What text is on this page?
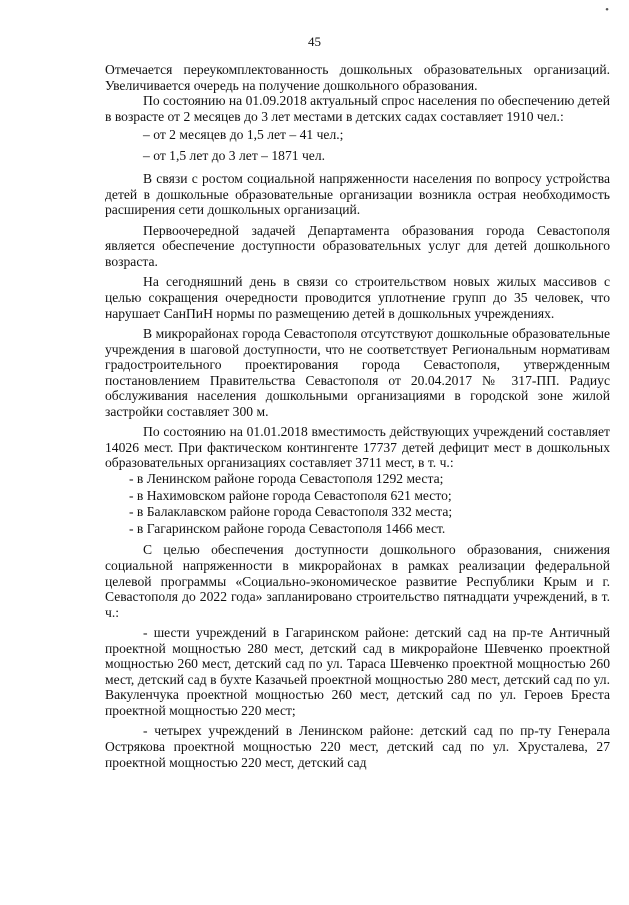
•
45

Отмечается переукомплектованность дошкольных образовательных организаций. Увеличивается очередь на получение дошкольного образования.

По состоянию на 01.09.2018 актуальный спрос населения по обеспечению детей в возрасте от 2 месяцев до 3 лет местами в детских садах составляет 1910 чел.:

– от 2 месяцев до 1,5 лет – 41 чел.;

– от 1,5 лет до 3 лет – 1871 чел.

В связи с ростом социальной напряженности населения по вопросу устройства детей в дошкольные образовательные организации возникла острая необходимость расширения сети дошкольных организаций.

Первоочередной задачей Департамента образования города Севастополя является обеспечение доступности образовательных услуг для детей дошкольного возраста.

На сегодняшний день в связи со строительством новых жилых массивов с целью сокращения очередности проводится уплотнение групп до 35 человек, что нарушает СанПиН нормы по размещению детей в дошкольных учреждениях.

В микрорайонах города Севастополя отсутствуют дошкольные образовательные учреждения в шаговой доступности, что не соответствует Региональным нормативам градостроительного проектирования города Севастополя, утвержденным постановлением Правительства Севастополя от 20.04.2017 № 317-ПП. Радиус обслуживания населения дошкольными организациями в городской зоне жилой застройки составляет 300 м.

По состоянию на 01.01.2018 вместимость действующих учреждений составляет 14026 мест. При фактическом контингенте 17737 детей дефицит мест в дошкольных образовательных организациях составляет 3711 мест, в т. ч.:

- в Ленинском районе города Севастополя 1292 места;

- в Нахимовском районе города Севастополя 621 место;

- в Балаклавском районе города Севастополя 332 места;

- в Гагаринском районе города Севастополя 1466 мест.

С целью обеспечения доступности дошкольного образования, снижения социальной напряженности в микрорайонах в рамках реализации федеральной целевой программы «Социально-экономическое развитие Республики Крым и г. Севастополя до 2022 года» запланировано строительство пятнадцати учреждений, в т. ч.:

- шести учреждений в Гагаринском районе: детский сад на пр-те Античный проектной мощностью 280 мест, детский сад в микрорайоне Шевченко проектной мощностью 260 мест, детский сад по ул. Тараса Шевченко проектной мощностью 260 мест, детский сад в бухте Казачьей проектной мощностью 280 мест, детский сад по ул. Вакуленчука проектной мощностью 260 мест, детский сад по ул. Героев Бреста проектной мощностью 220 мест;

- четырех учреждений в Ленинском районе: детский сад по пр-ту Генерала Острякова проектной мощностью 220 мест, детский сад по ул. Хрусталева, 27 проектной мощностью 220 мест, детский сад
